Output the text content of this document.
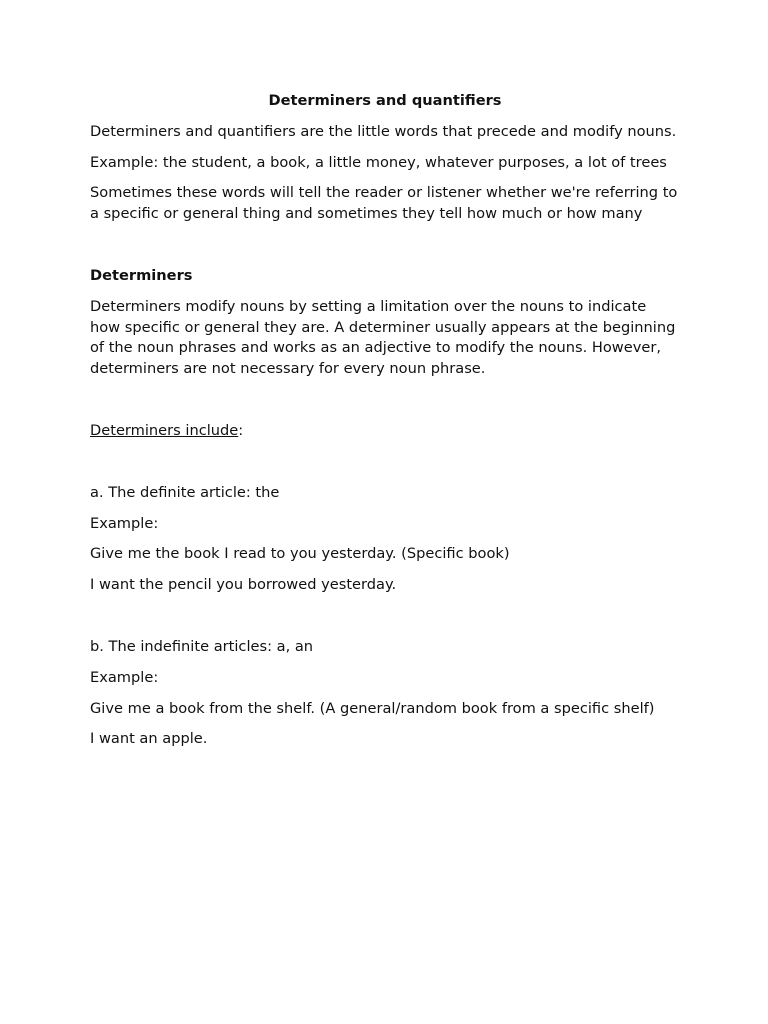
Determiners and quantifiers

Determiners and quantifiers are the little words that precede and modify nouns.

Example: the student, a book, a little money, whatever purposes, a lot of trees

Sometimes these words will tell the reader or listener whether we're referring to a specific or general thing and sometimes they tell how much or how many

Determiners

Determiners modify nouns by setting a limitation over the nouns to indicate how specific or general they are. A determiner usually appears at the beginning of the noun phrases and works as an adjective to modify the nouns. However, determiners are not necessary for every noun phrase.

Determiners include:

a. The definite article: the

Example:

Give me the book I read to you yesterday. (Specific book)

I want the pencil you borrowed yesterday.

b. The indefinite articles: a, an

Example:

Give me a book from the shelf. (A general/random book from a specific shelf)

I want an apple.
